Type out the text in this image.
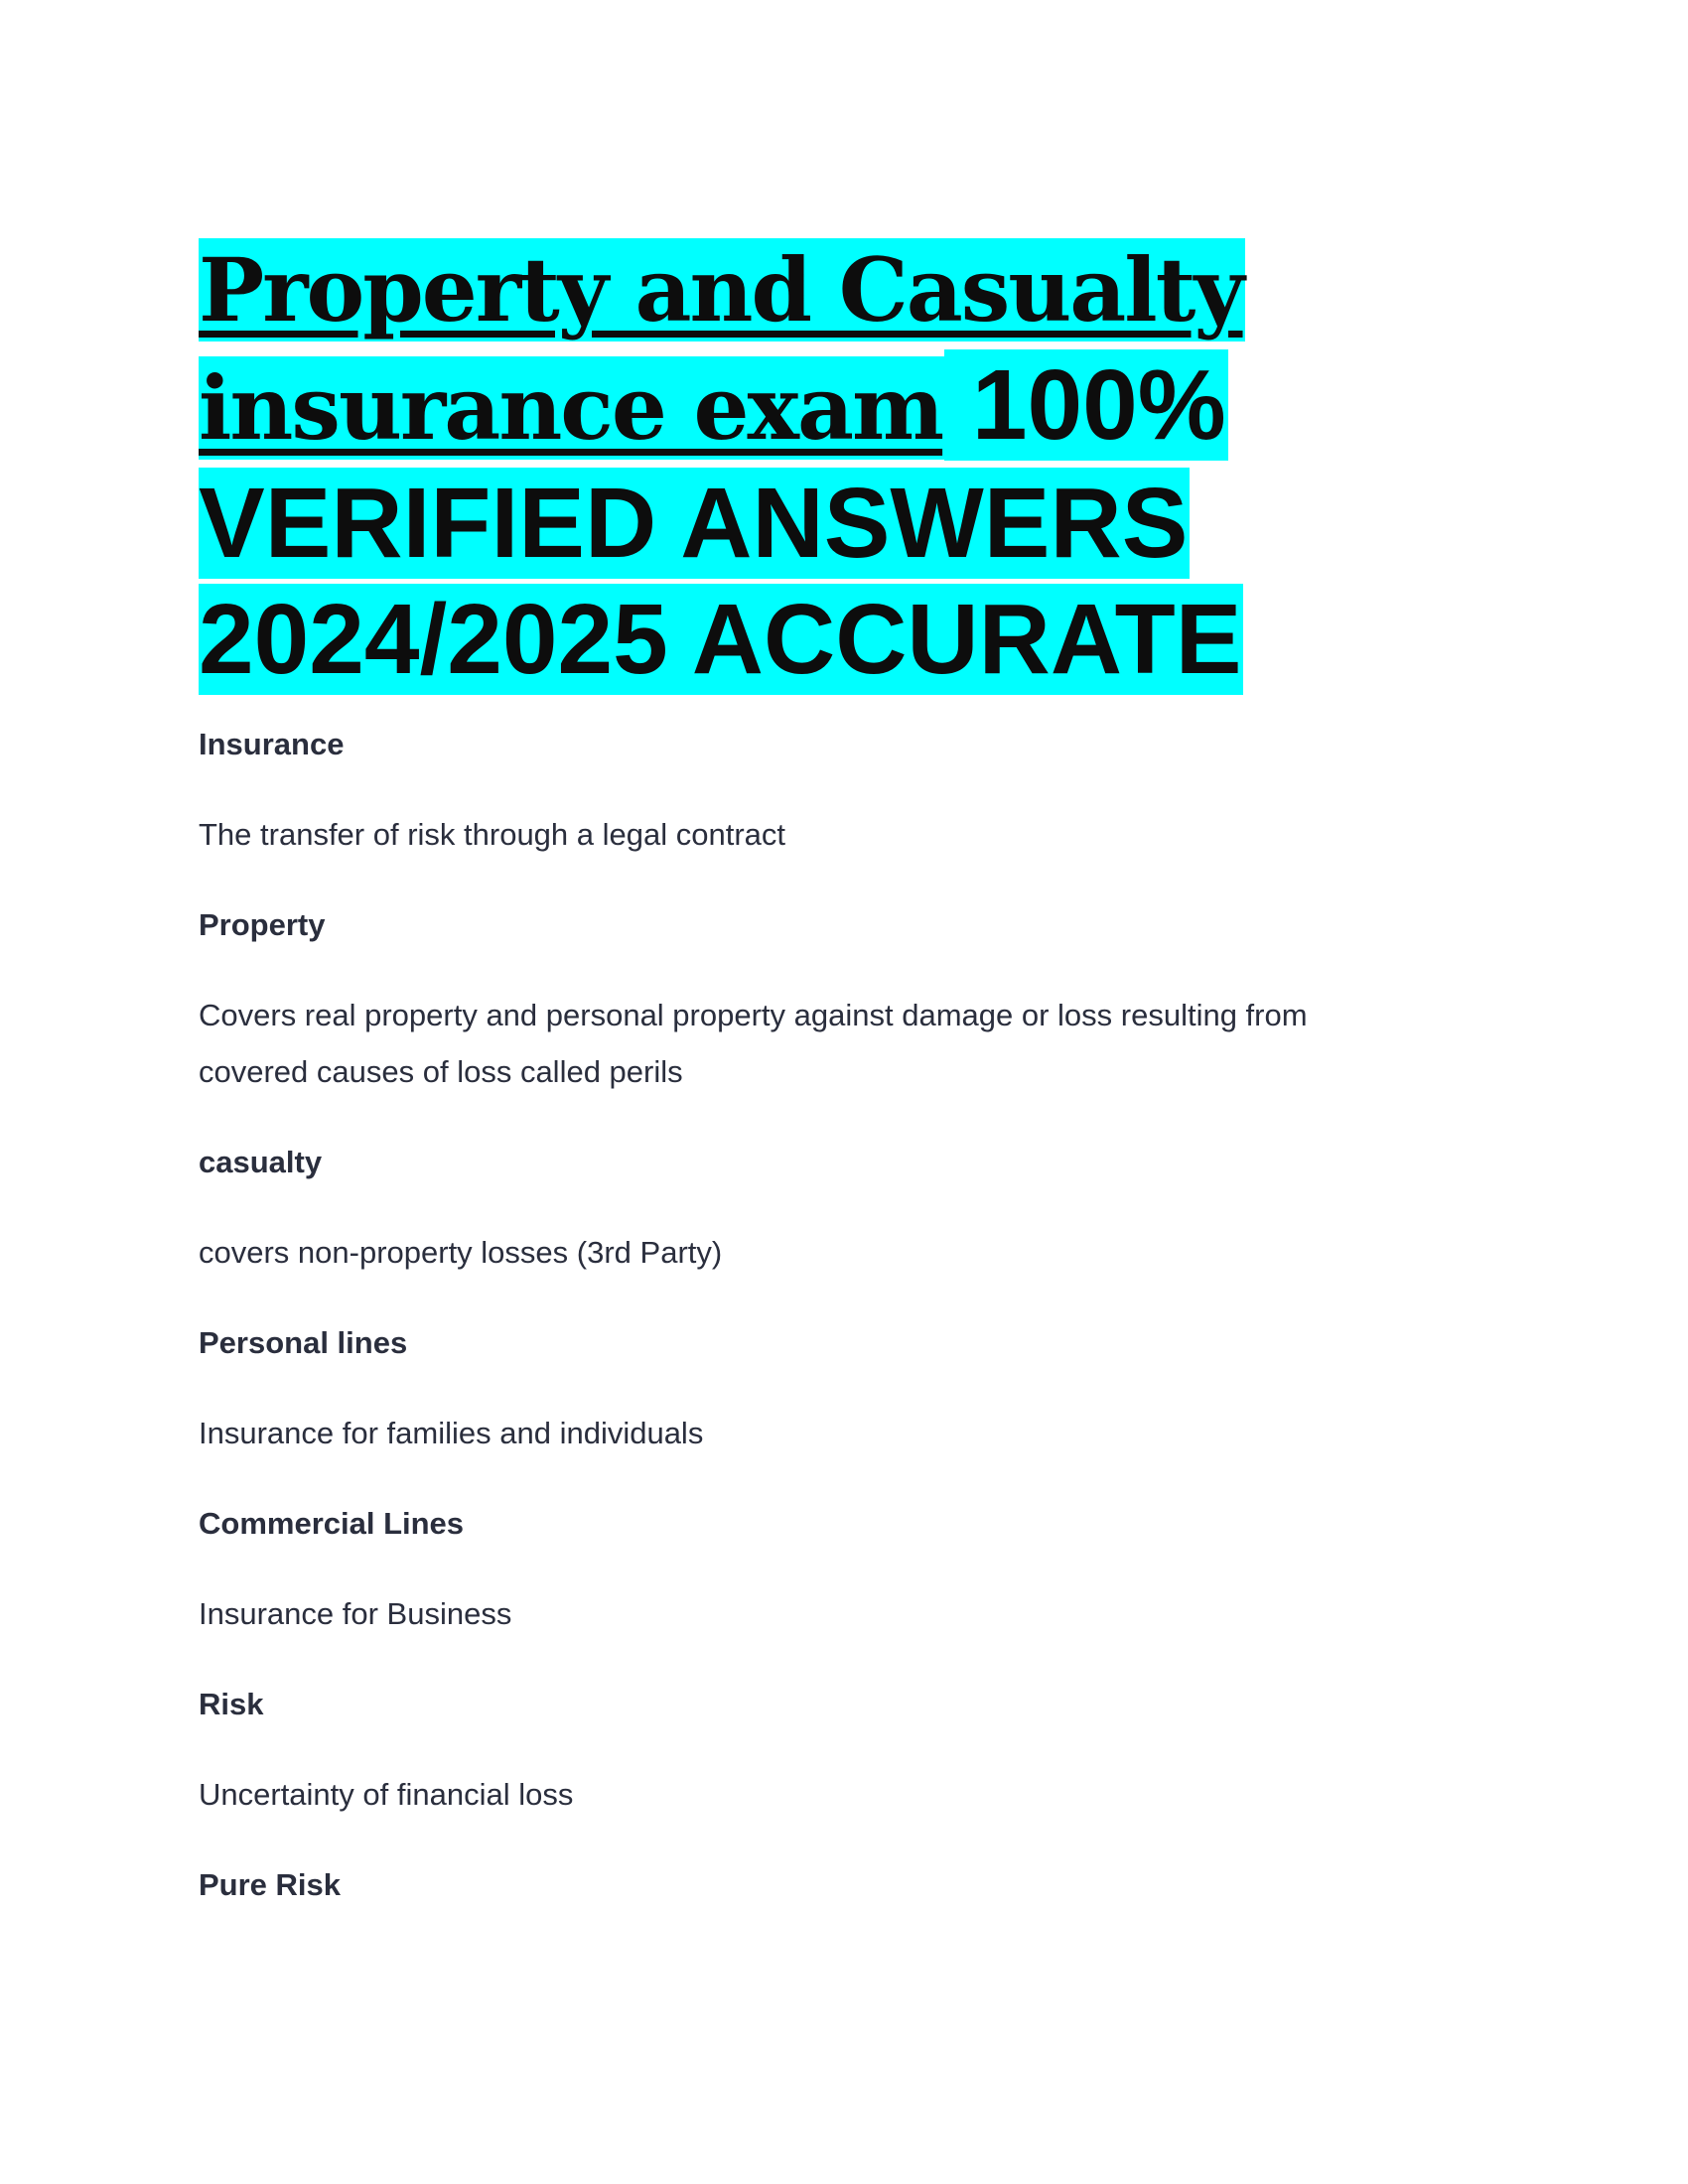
Property and Casualty
insurance exam 100%
VERIFIED ANSWERS
2024/2025 ACCURATE

Insurance

The transfer of risk through a legal contract

Property

Covers real property and personal property against damage or loss resulting from covered causes of loss called perils

casualty

covers non-property losses (3rd Party)

Personal lines

Insurance for families and individuals

Commercial Lines

Insurance for Business

Risk

Uncertainty of financial loss

Pure Risk
